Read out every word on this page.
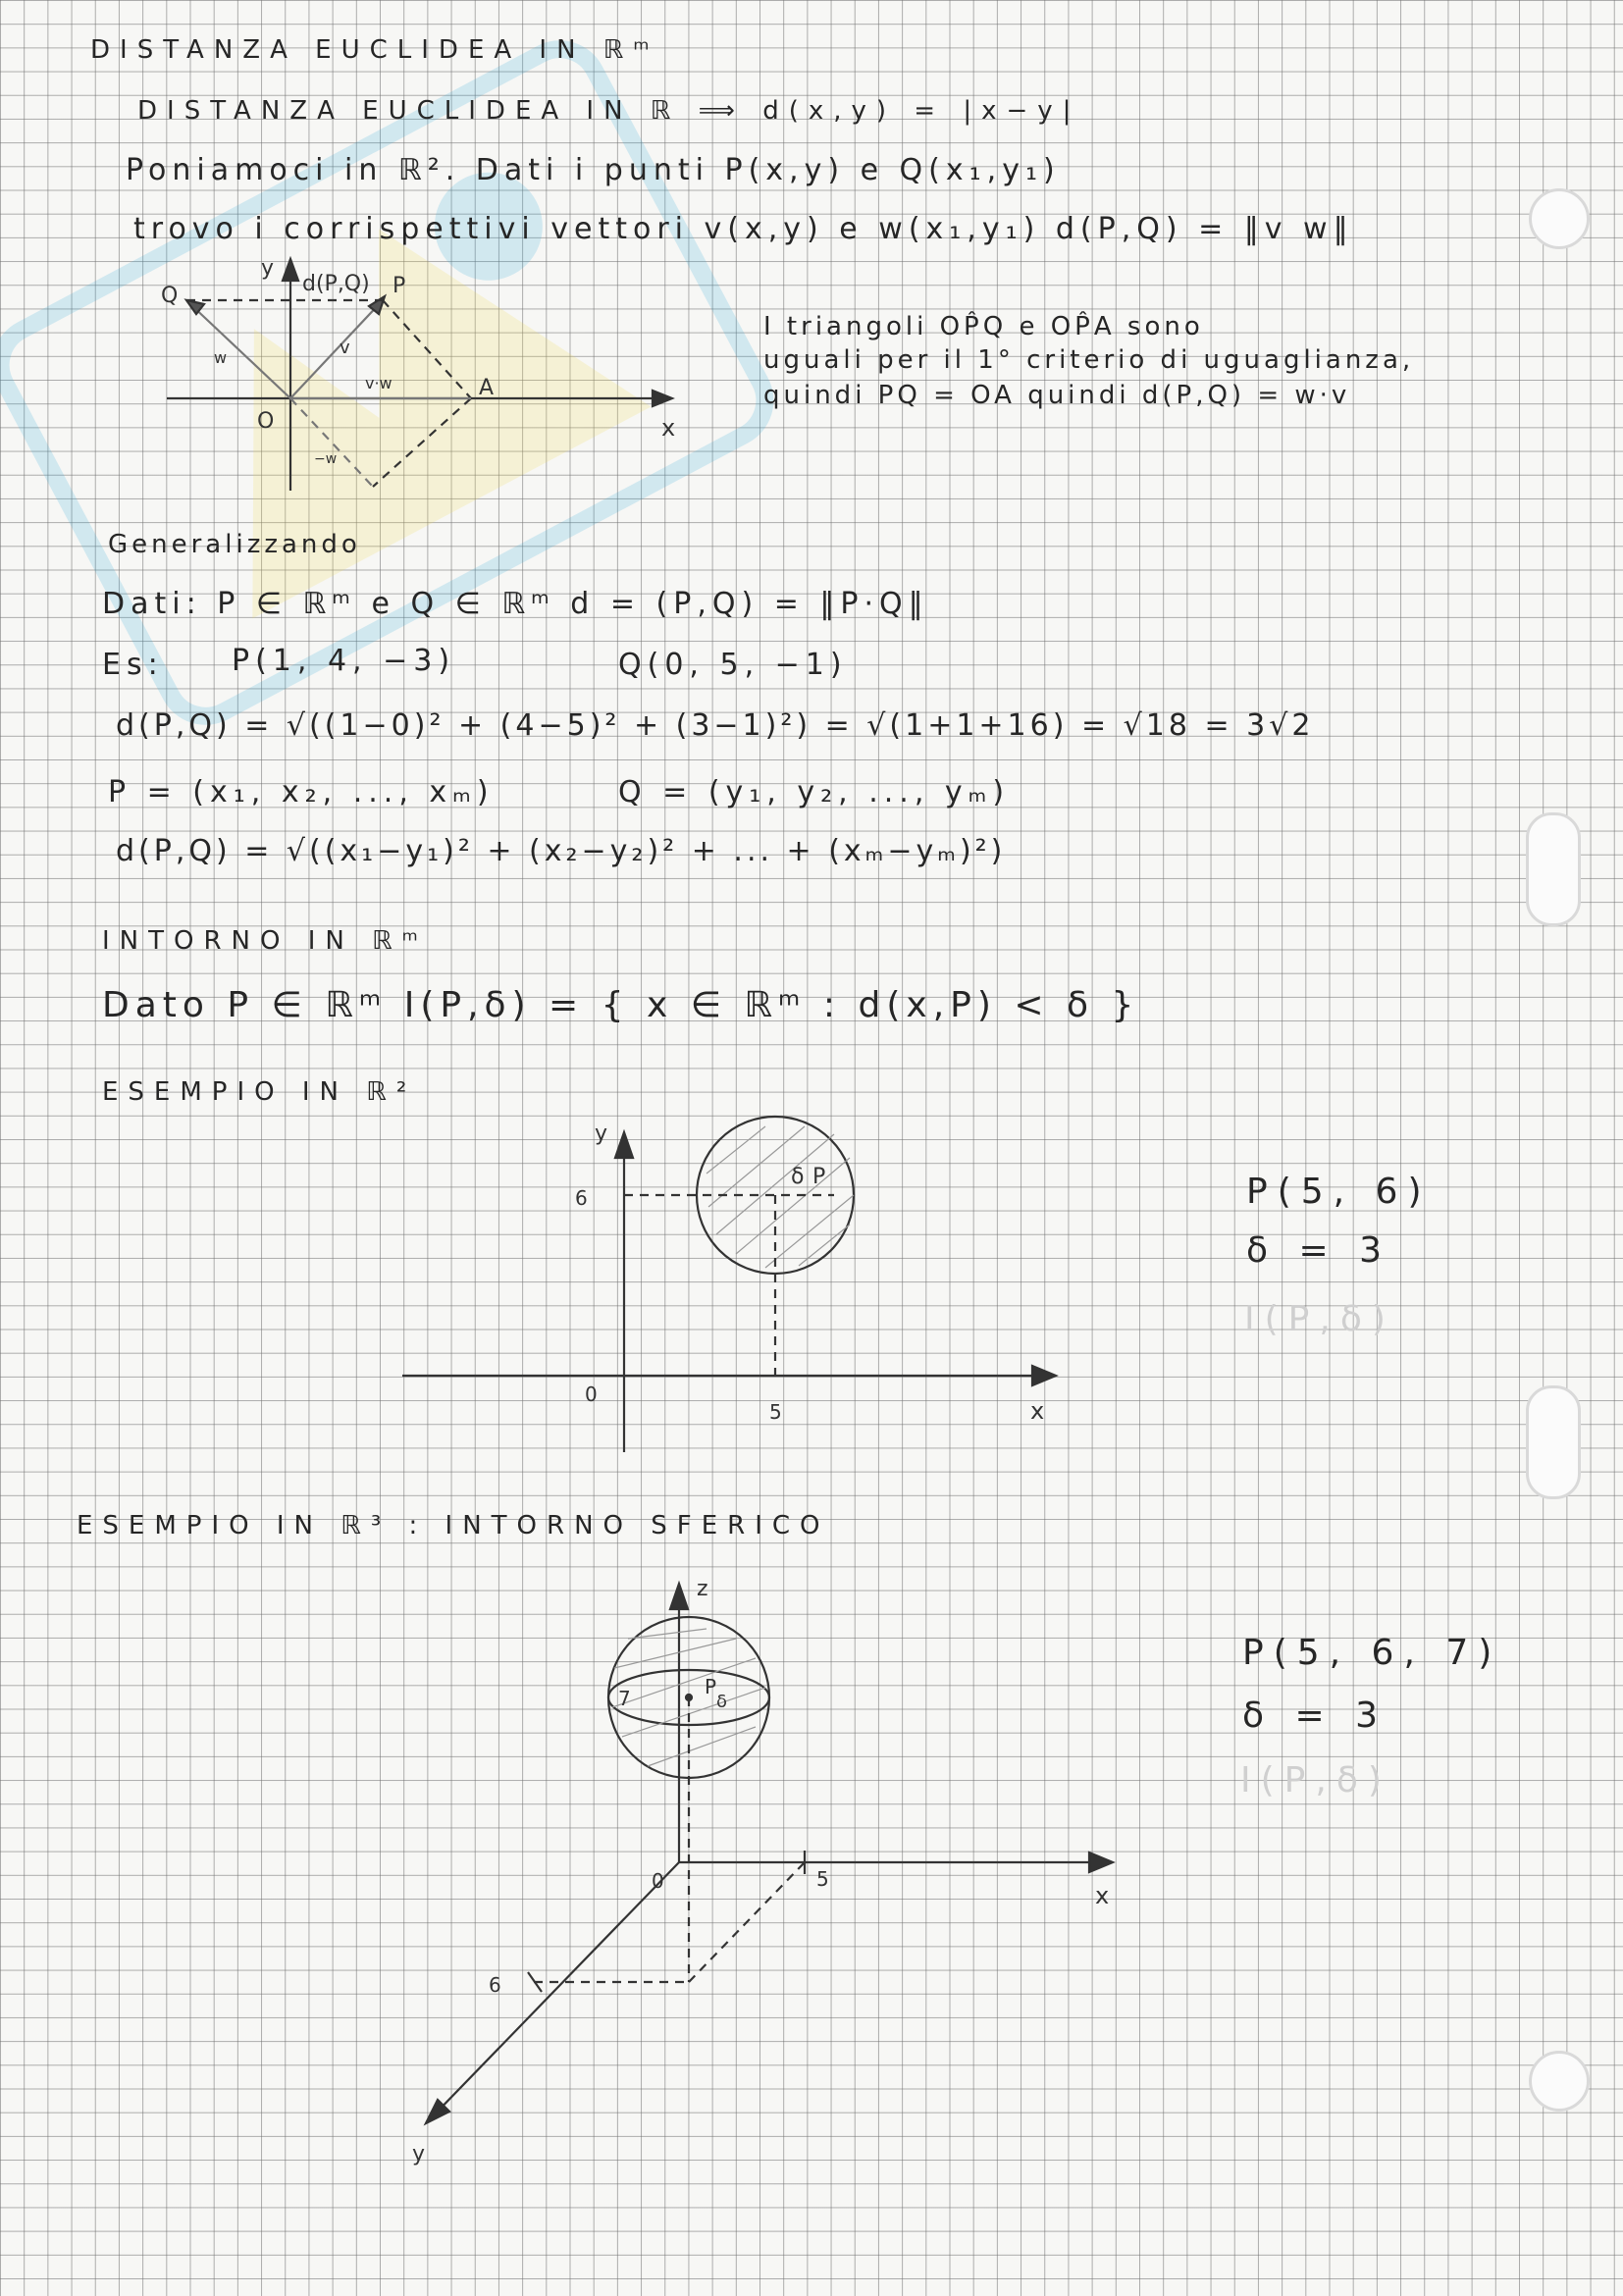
DISTANZA EUCLIDEA IN ℝᵐ
DISTANZA EUCLIDEA IN ℝ ⟹ d(x,y) = |x−y|
Poniamoci in ℝ². Dati i punti P(x,y) e Q(x₁,y₁)
trovo i corrispettivi vettori v(x,y) e w(x₁,y₁) d(P,Q) = ‖v w‖
Q	d(P,Q) P
A
O	x
y
w	v
v·w
−w
I triangoli OP̂Q e OP̂A sono
uguali per il 1° criterio di uguaglianza,
quindi PQ = OA quindi d(P,Q) = w·v
Generalizzando
Dati: P ∈ ℝᵐ e Q ∈ ℝᵐ d = (P,Q) = ‖P·Q‖
Es: P(1, 4, −3)	Q(0, 5, −1)
d(P,Q) = √((1−0)² + (4−5)² + (3−1)²) = √(1+1+16) = √18 = 3√2
P = (x₁, x₂, ..., xₘ)	Q = (y₁, y₂, ..., yₘ)
d(P,Q) = √((x₁−y₁)² + (x₂−y₂)² + ... + (xₘ−yₘ)²)
INTORNO IN ℝᵐ
Dato P ∈ ℝᵐ I(P,δ) = { x ∈ ℝᵐ : d(x,P) < δ }
ESEMPIO IN ℝ²
y
6
0
5	x
δ P	P(5, 6)
δ = 3
I(P,δ)
ESEMPIO IN ℝ³ : INTORNO SFERICO
z
7	P
δ
0	5
x
6
y
P(5, 6, 7)
δ = 3
I(P,δ)
